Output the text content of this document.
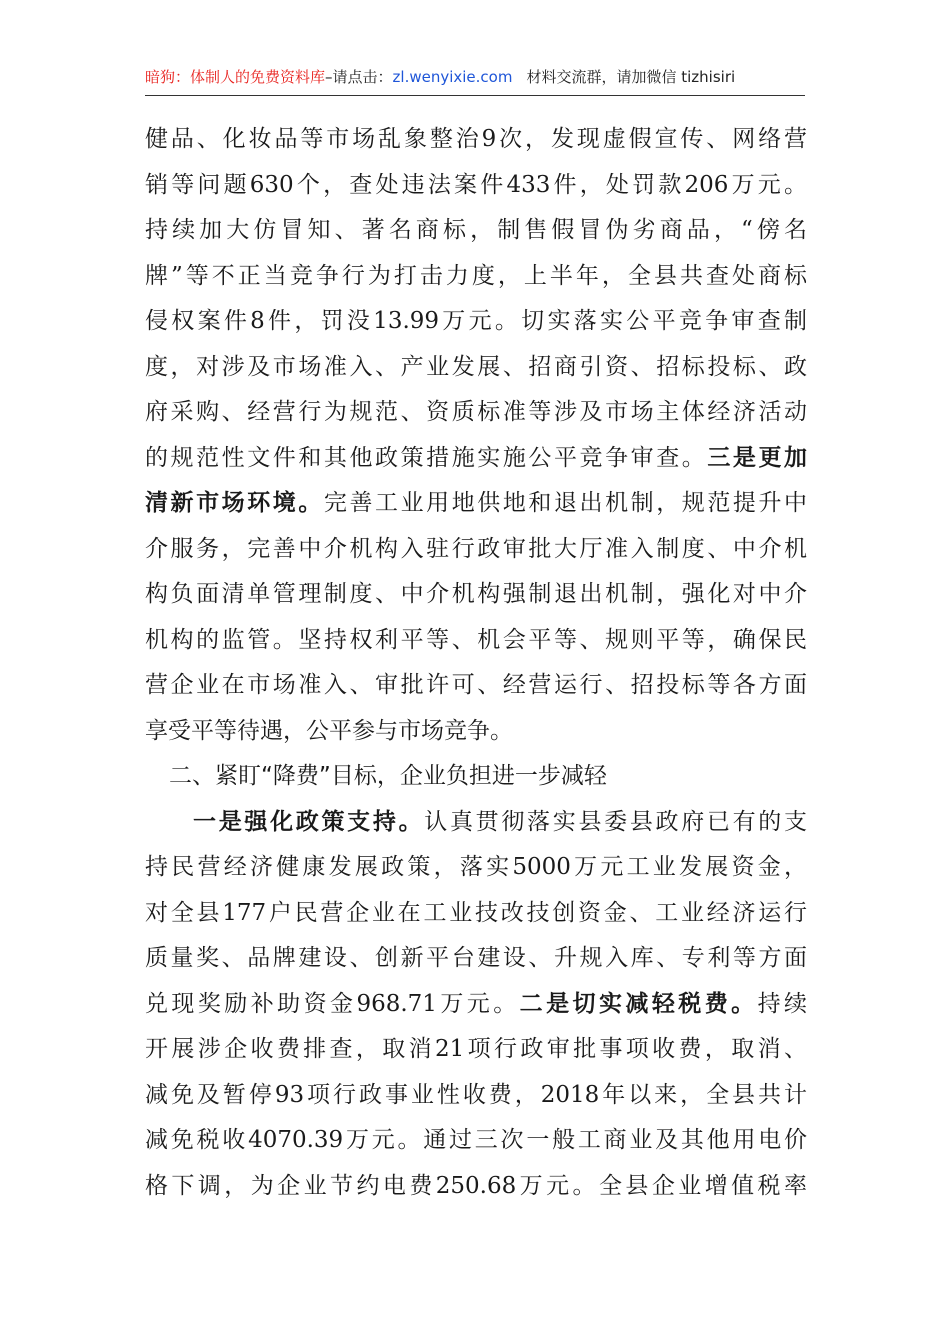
暗狗：体制人的免费资料库–请点击：zl.wenyixie.com 材料交流群，请加微信 tizhisiri
健品、化妆品等市场乱象整治9次，发现虚假宣传、网络营
销等问题630个，查处违法案件433件，处罚款206万元。
持续加大仿冒知、著名商标，制售假冒伪劣商品，“傍名
牌”等不正当竞争行为打击力度，上半年，全县共查处商标
侵权案件8件，罚没13.99万元。切实落实公平竞争审查制
度，对涉及市场准入、产业发展、招商引资、招标投标、政
府采购、经营行为规范、资质标准等涉及市场主体经济活动
的规范性文件和其他政策措施实施公平竞争审查。三是更加
清新市场环境。完善工业用地供地和退出机制，规范提升中
介服务，完善中介机构入驻行政审批大厅准入制度、中介机
构负面清单管理制度、中介机构强制退出机制，强化对中介
机构的监管。坚持权利平等、机会平等、规则平等，确保民
营企业在市场准入、审批许可、经营运行、招投标等各方面
享受平等待遇，公平参与市场竞争。
二、紧盯“降费”目标，企业负担进一步减轻
一是强化政策支持。认真贯彻落实县委县政府已有的支
持民营经济健康发展政策，落实5000万元工业发展资金，
对全县177户民营企业在工业技改技创资金、工业经济运行
质量奖、品牌建设、创新平台建设、升规入库、专利等方面
兑现奖励补助资金968.71万元。二是切实减轻税费。持续
开展涉企收费排查，取消21项行政审批事项收费，取消、
减免及暂停93项行政事业性收费，2018年以来，全县共计
减免税收4070.39万元。通过三次一般工商业及其他用电价
格下调，为企业节约电费250.68万元。全县企业增值税率
